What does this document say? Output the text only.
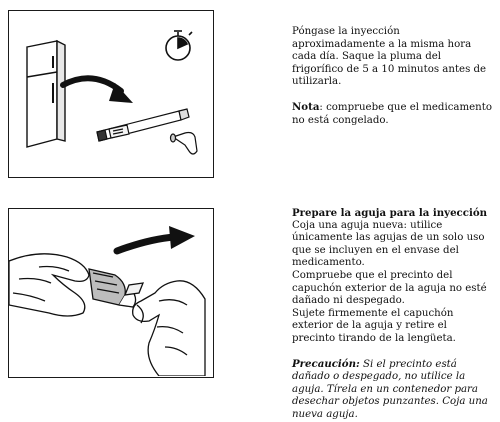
Póngase la inyección aproximadamente a la misma hora cada día. Saque la pluma del frigorífico de 5 a 10 minutos antes de utilizarla.

Nota: compruebe que el medicamento no está congelado.

Prepare la aguja para la inyección

Coja una aguja nueva: utilice únicamente las agujas de un solo uso que se incluyen en el envase del medicamento.

Compruebe que el precinto del capuchón exterior de la aguja no esté dañado ni despegado.

Sujete firmemente el capuchón exterior de la aguja y retire el precinto tirando de la lengüeta.

Precaución: Si el precinto está dañado o despegado, no utilice la aguja. Tírela en un contenedor para desechar objetos punzantes. Coja una nueva aguja.
